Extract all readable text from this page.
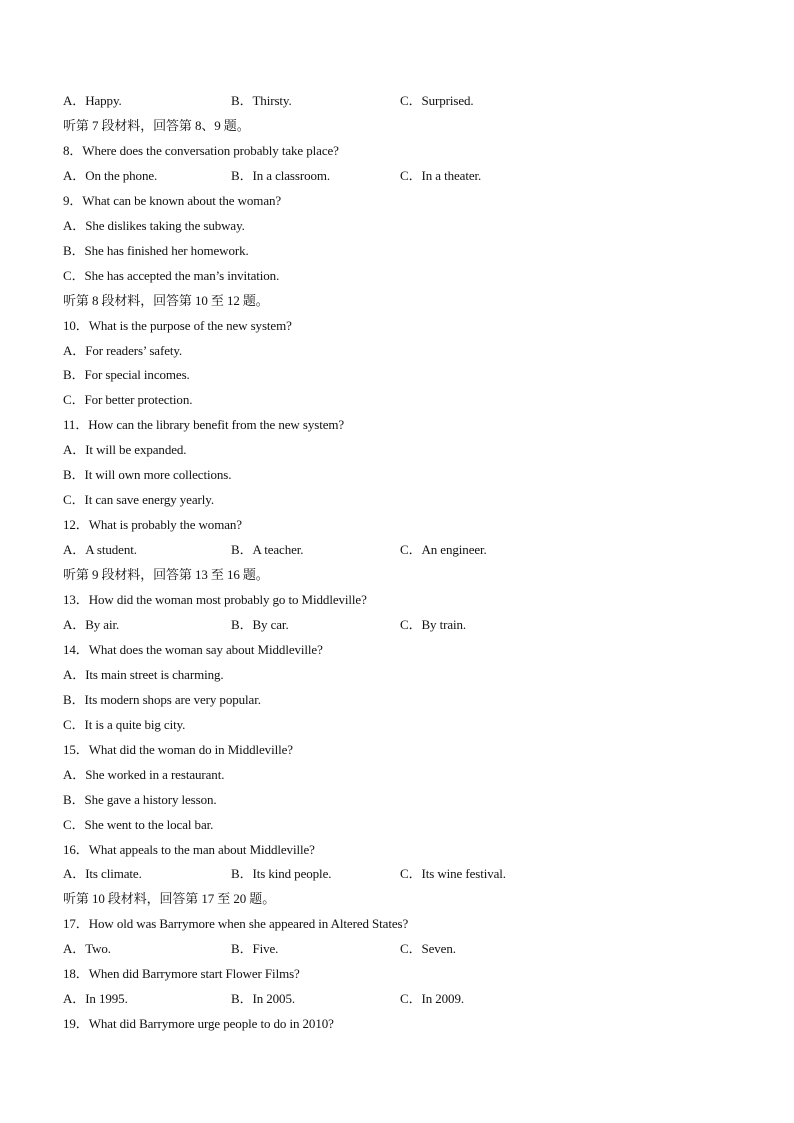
A．Happy.	B．Thirsty.	C．Surprised.
听第 7 段材料，回答第 8、9 题。
8．Where does the conversation probably take place?
A．On the phone.	B．In a classroom.	C．In a theater.
9．What can be known about the woman?
A．She dislikes taking the subway.
B．She has finished her homework.
C．She has accepted the man’s invitation.
听第 8 段材料，回答第 10 至 12 题。
10．What is the purpose of the new system?
A．For readers’ safety.
B．For special incomes.
C．For better protection.
11．How can the library benefit from the new system?
A．It will be expanded.
B．It will own more collections.
C．It can save energy yearly.
12．What is probably the woman?
A．A student.	B．A teacher.	C．An engineer.
听第 9 段材料，回答第 13 至 16 题。
13．How did the woman most probably go to Middleville?
A．By air.	B．By car.	C．By train.
14．What does the woman say about Middleville?
A．Its main street is charming.
B．Its modern shops are very popular.
C．It is a quite big city.
15．What did the woman do in Middleville?
A．She worked in a restaurant.
B．She gave a history lesson.
C．She went to the local bar.
16．What appeals to the man about Middleville?
A．Its climate.	B．Its kind people.	C．Its wine festival.
听第 10 段材料，回答第 17 至 20 题。
17．How old was Barrymore when she appeared in Altered States?
A．Two.	B．Five.	C．Seven.
18．When did Barrymore start Flower Films?
A．In 1995.	B．In 2005.	C．In 2009.
19．What did Barrymore urge people to do in 2010?
